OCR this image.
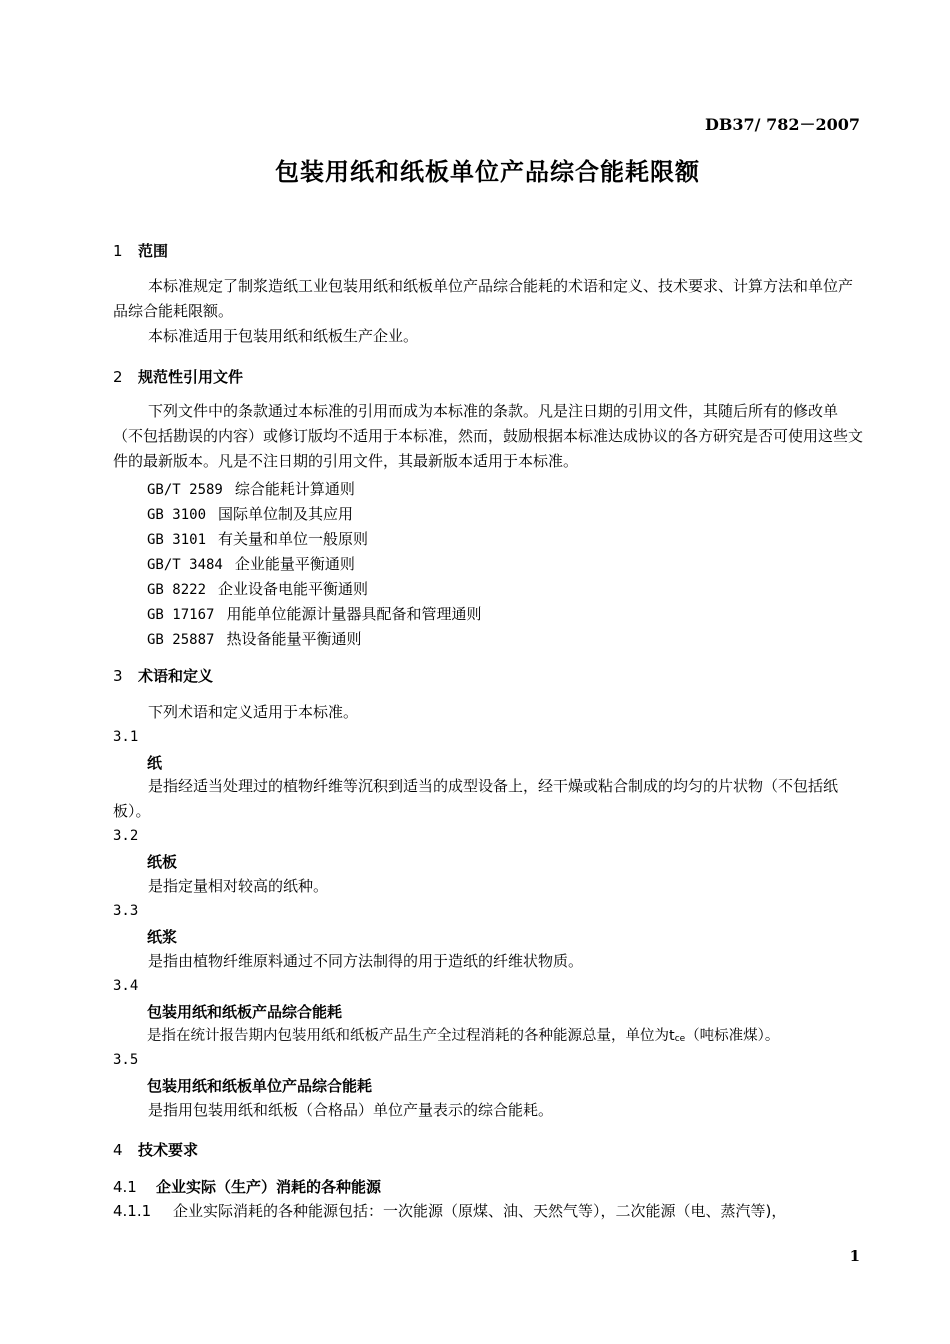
DB37/ 782－2007
包装用纸和纸板单位产品综合能耗限额
1 范围
本标准规定了制浆造纸工业包装用纸和纸板单位产品综合能耗的术语和定义、技术要求、计算方法和单位产品综合能耗限额。
本标准适用于包装用纸和纸板生产企业。
2 规范性引用文件
下列文件中的条款通过本标准的引用而成为本标准的条款。凡是注日期的引用文件，其随后所有的修改单（不包括勘误的内容）或修订版均不适用于本标准，然而，鼓励根据本标准达成协议的各方研究是否可使用这些文件的最新版本。凡是不注日期的引用文件，其最新版本适用于本标准。
GB/T 2589 综合能耗计算通则
GB 3100 国际单位制及其应用
GB 3101 有关量和单位一般原则
GB/T 3484 企业能量平衡通则
GB 8222 企业设备电能平衡通则
GB 17167 用能单位能源计量器具配备和管理通则
GB 25887 热设备能量平衡通则
3 术语和定义
下列术语和定义适用于本标准。
3.1
纸
是指经适当处理过的植物纤维等沉积到适当的成型设备上，经干燥或粘合制成的均匀的片状物（不包括纸板）。
3.2
纸板
是指定量相对较高的纸种。
3.3
纸浆
是指由植物纤维原料通过不同方法制得的用于造纸的纤维状物质。
3.4
包装用纸和纸板产品综合能耗
是指在统计报告期内包装用纸和纸板产品生产全过程消耗的各种能源总量，单位为tce（吨标准煤）。
3.5
包装用纸和纸板单位产品综合能耗
是指用包装用纸和纸板（合格品）单位产量表示的综合能耗。
4 技术要求
4.1 企业实际（生产）消耗的各种能源
4.1.1 企业实际消耗的各种能源包括：一次能源（原煤、油、天然气等），二次能源（电、蒸汽等)，
1
